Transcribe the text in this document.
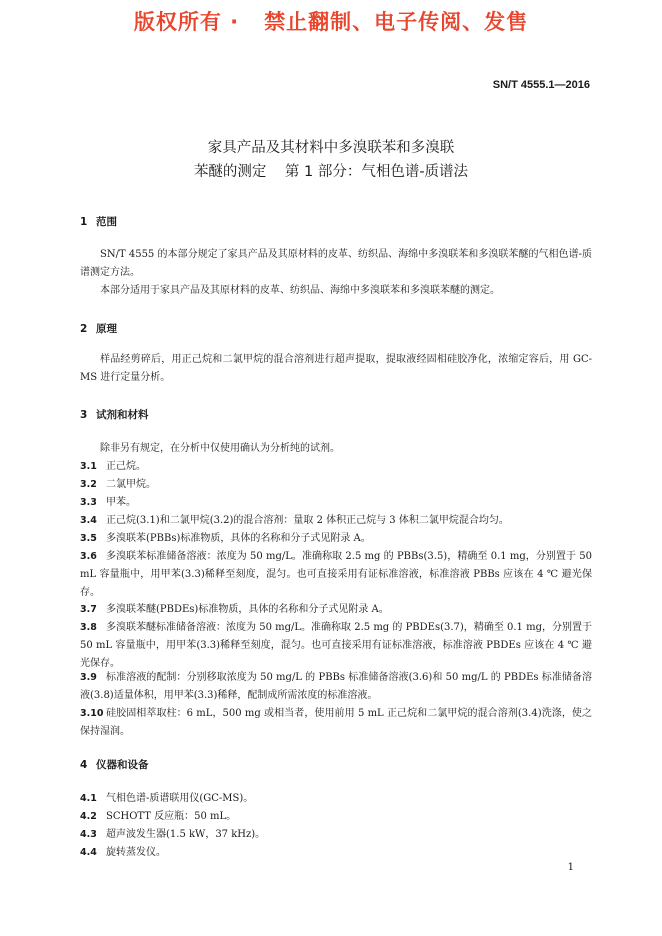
版权所有 ·   禁止翻制、电子传阅、发售
SN/T 4555.1—2016
家具产品及其材料中多溴联苯和多溴联
苯醚的测定    第 1 部分：气相色谱-质谱法
1 范围
SN/T 4555 的本部分规定了家具产品及其原材料的皮革、纺织品、海绵中多溴联苯和多溴联苯醚的气相色谱-质谱测定方法。
本部分适用于家具产品及其原材料的皮革、纺织品、海绵中多溴联苯和多溴联苯醚的测定。
2 原理
样品经剪碎后，用正己烷和二氯甲烷的混合溶剂进行超声提取，提取液经固相硅胶净化，浓缩定容后，用 GC-MS 进行定量分析。
3 试剂和材料
除非另有规定，在分析中仅使用确认为分析纯的试剂。
3.1 正己烷。
3.2 二氯甲烷。
3.3 甲苯。
3.4 正己烷(3.1)和二氯甲烷(3.2)的混合溶剂：量取 2 体积正己烷与 3 体积二氯甲烷混合均匀。
3.5 多溴联苯(PBBs)标准物质，具体的名称和分子式见附录 A。
3.6 多溴联苯标准储备溶液：浓度为 50 mg/L。准确称取 2.5 mg 的 PBBs(3.5)，精确至 0.1 mg，分别置于 50 mL 容量瓶中，用甲苯(3.3)稀释至刻度，混匀。也可直接采用有证标准溶液，标准溶液 PBBs 应该在 4 ℃ 避光保存。
3.7 多溴联苯醚(PBDEs)标准物质，具体的名称和分子式见附录 A。
3.8 多溴联苯醚标准储备溶液：浓度为 50 mg/L。准确称取 2.5 mg 的 PBDEs(3.7)，精确至 0.1 mg，分别置于 50 mL 容量瓶中，用甲苯(3.3)稀释至刻度，混匀。也可直接采用有证标准溶液，标准溶液 PBDEs 应该在 4 ℃ 避光保存。
3.9 标准溶液的配制：分别移取浓度为 50 mg/L 的 PBBs 标准储备溶液(3.6)和 50 mg/L 的 PBDEs 标准储备溶液(3.8)适量体积，用甲苯(3.3)稀释，配制成所需浓度的标准溶液。
3.10 硅胶固相萃取柱：6 mL，500 mg 或相当者，使用前用 5 mL 正己烷和二氯甲烷的混合溶剂(3.4)洗涤，使之保持湿润。
4 仪器和设备
4.1 气相色谱-质谱联用仪(GC-MS)。
4.2 SCHOTT 反应瓶：50 mL。
4.3 超声波发生器(1.5 kW，37 kHz)。
4.4 旋转蒸发仪。
1
